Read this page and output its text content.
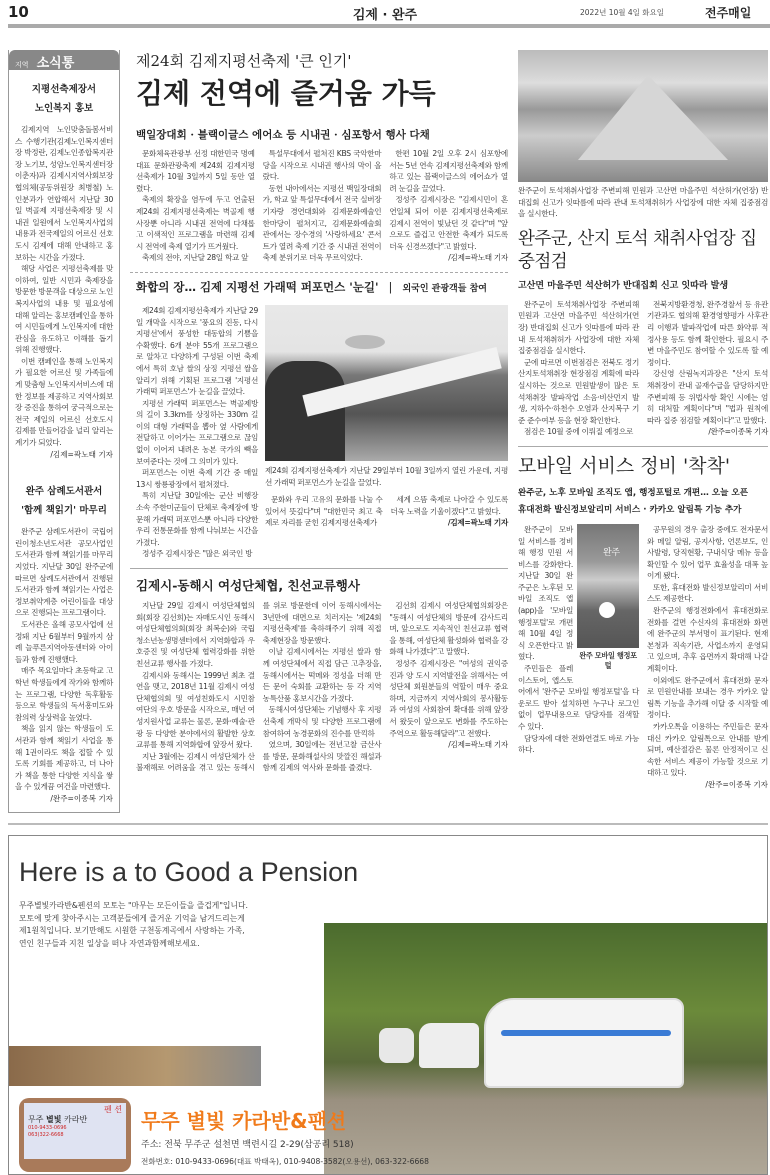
10	김제 · 완주	2022년 10월 4일 화요일	전주매일
지역 소식통
지평선축제장서
노인복지 홍보

김제지역 노인맞춤돌봄서비스 수행기관(김제노인복지센터장 박정란, 김제노인종합복지관장 노기보, 성암노인복지센터장 이춘자)과 김제시지역사회보장협의체(공동위원장 최병철) 노인분과가 연합해서 지난달 30일 벽골제 지평선축제장 및 시내권 일원에서 노인복지사업의 내용과 전국제일의 어르신 선호도시 김제에 대해 안내하고 홍보하는 시간을 가졌다.

해당 사업은 지평선축제를 맞이하여, 일반 시민과 축제장을 방문한 방문객을 대상으로 노인복지사업의 내용 및 필요성에 대해 알리는 홍보캠페인을 통하여 시민들에게 노인복지에 대한 관심을 유도하고 이해를 돕기 위해 진행했다.

이번 캠페인을 통해 노인복지가 필요한 어르신 및 가족들에게 맞춤형 노인복지서비스에 대한 정보를 제공하고 지역사회보장 증진을 통하여 궁극적으로는 전국 제일의 어르신 선호도시 김제를 만들어감을 널리 알리는 계기가 되었다.

/김제=곽노태 기자
완주 삼례도서관서
'함께 책읽기' 마무리

완주군 삼례도서관이 국립어린이청소년도서관 공모사업인 도서관과 함께 책읽기를 마무리 지었다. 지난달 30일 완주군에 따르면 삼례도서관에서 진행된 도서관과 함께 책읽기는 사업은 정보취약계층 어린이들을 대상으로 진행되는 프로그램이다.

도서관은 올해 공모사업에 선정돼 지난 6월부터 9월까지 삼례 늘푸른지역아동센터와 아이들과 함께 진행했다.

매주 목요일마다 초등학교 고학년 학생들에게 작가와 함께하는 프로그램, 다양한 독후활동 등으로 학생들의 독서흥미도와 참의력 상상력을 높였다.

책을 읽지 않는 학생들이 도서관과 함께 책읽기 사업을 통해 1권이라도 책을 접할 수 있도록 기회를 제공하고, 더 나아가 책을 통한 다양한 지식을 쌓을 수 있게끔 여건을 마련했다.

/완주=이종복 기자
제24회 김제지평선축제 '큰 인기'
김제 전역에 즐거움 가득
백일장대회 · 블랙이글스 에어쇼 등 시내권 · 심포항서 행사 다채

문화체육관광부 선정 대한민국 명예 대표 문화관광축제 제24회 김제지평선축제가 10월 3일까지 5일 동안 열렸다.

축제의 확장을 염두에 두고 연출된 제24회 김제지평선축제는 벽골제 행사장뿐 아니라 시내권 전역에 다채롭고 이색적인 프로그램을 마련해 김제시 전역에 축제 열기가 뜨거웠다.

축제의 전야, 지난달 28일 학교 앞

특설무대에서 펼쳐진 KBS 국악한마당을 시작으로 시내권 행사의 막이 올랐다.

동헌 내아에서는 지평선 백일장대회가, 학교 앞 특설무대에서 전국 실버장기자랑 경연대회와 김제문화예술인 한마당이 펼쳐지고, 김제문화예술회관에서는 장수경의 '사랑하세요' 콘서트가 열려 축제 기간 중 시내권 전역이 축제 분위기로 더욱 무르익었다.

한편 10월 2일 오후 2시 심포항에서는 5년 연속 김제지평선축제와 함께하고 있는 블랙이글스의 에어쇼가 열려 눈길을 끌었다.

정성주 김제시장은 "김제시민이 혼연일체 되어 이룬 김제지평선축제로 김제시 전역이 빛났던 것 같다"며 "앞으로도 즐겁고 안전한 축제가 되도록 더욱 신경쓰겠다"고 밝혔다.

/김제=곽노태 기자
화합의 장… 김제 지평선 가래떡 퍼포먼스 '눈길' | 외국인 관광객들 참여

제24회 김제지평선축제가 지난달 29일 개막을 시작으로 '풍요의 진동, 다시 지평선'에서 풍성한 대동합의 기쁨을 수확했다. 6개 분야 55개 프로그램으로 알차고 다양하게 구성된 이번 축제에서 특히 호남 쌀의 상징 지평선 쌀을 알리기 위해 기획된 프로그램 '지평선 가래떡 퍼포먼스'가 눈길을 끌었다.

지평선 가래떡 퍼포먼스는 벽골제방의 길이 3.3km를 상징하는 330m 길이의 대형 가래떡을 뽑아 옆 사람에게 전달하고 이어가는 프로그램으로 끊임없이 이어져 내려온 농본 국가의 빽을 보여준다는 것에 그 의미가 있다.

퍼포먼스는 이번 축제 기간 중 매일 13시 쌍룡광장에서 펼쳐졌다.

특히 지난달 30일에는 군산 비행장 소속 주한미군들이 단체로 축제장에 방문해 가래떡 퍼포먼스뿐 아니라 다양한 우리 전통문화를 함께 나눠보는 시간을 가졌다.

정성주 김제시장은 "많은 외국인 방

제24회 김제지평선축제가 지난달 29일부터 10월 3일까지 열린 가운데, 지평선 가래떡 퍼포먼스가 눈길을 끌었다.

문화와 우리 고유의 문화를 나눌 수 있어서 뜻깊다"며 "대한민국 최고 축제로 자리를 굳힌 김제지평선축제가

세계 으뜸 축제로 나아갈 수 있도록 더욱 노력을 기울이겠다"고 밝혔다.

/김제=곽노태 기자
김제시-동해시 여성단체협, 친선교류행사

지난달 29일 김제시 여성단체협의회(회장 김선희)는 자매도시인 동해시 여성단체협의회(회장 최복순)와 국립청소년농생명센터에서 지역화합과 우호증진 및 여성단체 협력강화를 위한 친선교류 행사를 가졌다.

김제시와 동해시는 1999년 최초 결연을 맺고, 2018년 11월 김제시 여성단체협의회 및 여성친화도시 시민참여단의 우호 방문을 시작으로, 매년 여성지원사업 교류는 물론, 문화·예술·관광 등 다양한 분야에서의 활발한 상호교류를 통해 지역화합에 앞장서 왔다.

지난 3월에는 김제시 여성단체가 산불재해로 어려움을 겪고 있는 동해시를 위로 방문한데 이어 동해시에서는 3년만에 대면으로 치러지는 '제24회 지평선축제'를 축하해주기 위해 직접 축제현장을 방문했다.

이날 김제시에서는 지평선 쌀과 함께 여성단체에서 직접 담근 고추장을, 동해시에서는 떡메와 정성을 더해 만든 문어 숙회를 교환하는 등 각 지역 농특산품 홍보시간을 가졌다.

동해시여성단체는 기념행사 후 지평선축제 개막식 및 다양한 프로그램에 참여하여 농경문화의 진수를 만끽하

였으며, 30일에는 전년고찰 금산사를 방문, 문화해설사의 맛깔진 해설과 함께 김제의 역사와 문화를 즐겼다.

김선희 김제시 여성단체협의회장은 "동해시 여성단체의 방문에 감사드리며, 앞으로도 지속적인 친선교류 협력을 통해, 여성단체 활성화와 협력을 강화해 나가겠다"고 말했다.

정성주 김제시장은 "여성의 권익증진과 양 도시 지역발전을 위해서는 여성단체 회원분들의 역할이 매우 중요하며, 지금까지 지역사회의 봉사활동과 여성의 사회참여 확대를 위해 앞장서 왔듯이 앞으로도 변화를 주도하는 주역으로 활동해달라"고 전했다.

/김제=곽노태 기자
완주군이 토석채취사업장 주변피해 민원과 고산면 마을주민 석산허가(연장) 반대집회 신고가 잇따름에 따라 관내 토석채취허가 사업장에 대한 자체 집중점검을 실시한다.
완주군, 산지 토석 채취사업장 집중점검
고산면 마을주민 석산허가 반대집회 신고 잇따라 발생

완주군이 토석채취사업장 주변피해 민원과 고산면 마을주민 석산허가(연장) 반대집회 신고가 잇따름에 따라 관내 토석채취허가 사업장에 대한 자체 집중점검을 실시한다.

군에 따르면 이번점검은 전북도 정기 산지토석채취장 현장점검 계획에 따라 실시하는 것으로 민원발생이 많은 토석채취장 발파작업 소음·비산먼지 발생, 지하수·하천수 오염과 산지복구 기준 준수여부 등을 현장 확인한다.

점검은 10월 중에 이뤄질 예정으로

전북지방환경청, 완주경찰서 등 유관기관과도 협의해 환경영향평가 사후관리 이행과 발파작업에 따른 화약류 적정사용 등도 함께 확인한다. 필요시 주변 마을주민도 참여할 수 있도록 할 예정이다.

강신영 산림녹지과장은 "산지 토석채취장이 관내 골재수급을 담당하지만 주변피해 등 위법사항 확인 시에는 엄히 대처할 계획이다"며 "법과 원칙에 따라 집중 점검할 계획이다"고 말했다.

/완주=이종복 기자
모바일 서비스 정비 '착착'
완주군, 노후 모바일 조직도 앱, 행정포털로 개편… 오늘 오픈
휴대전화 발신정보알리미 서비스 · 카카오 알림톡 기능 추가
완주
완주 모바일 행정포털

완주군이 모바일 서비스를 정비해 행정 민원 서비스를 강화한다. 지난달 30일 완주군은 노후된 모바일 조직도 앱(app)을 '모바일 행정포털'로 개편해 10월 4일 정식 오픈한다고 밝혔다.

주민들은 플레이스토어, 앱스토어에서 '완주군 모바일 행정포털'을 다운로드 받아 설치하면 누구나 로그인 없이 업무내용으로 담당자를 검색할 수 있다.

담당자에 대한 전화연결도 바로 가능하다.

공무원의 경우 출장 중에도 전자문서와 메일 알림, 공지사항, 언론보도, 인사발령, 당직현황, 구내식당 메뉴 등을 확인할 수 있어 업무 효율성을 대폭 높이게 됐다.

또한, 휴대전화 발신정보알리미 서비스도 제공한다.

완주군의 행정전화에서 휴대전화로 전화를 걸면 수신자의 휴대전화 화면에 완주군의 부서명이 표기된다. 현재 본청과 직속기관, 사업소까지 운영되고 있으며, 추후 읍면까지 확대해 나갈 계획이다.

이외에도 완주군에서 휴대전화 문자로 민원안내를 보내는 경우 카카오 알림톡 기능을 추가해 이달 중 시작할 예정이다.

카카오톡을 이용하는 주민들은 문자 대신 카카오 알림톡으로 안내를 받게 되며, 예산절감은 물론 안정적이고 신속한 서비스 제공이 가능할 것으로 기대하고 있다.

/완주=이종복 기자
Here is a to Good a Pension
무주별빛카라반&펜션의 모토는 "마무는 모든이들을 즐겁게"입니다.
모토에 맞게 찾아주시는 고객분들에게 즐거운 기억을 남겨드리는게
제1원칙입니다. 보기만해도 시원한 구천동계곡에서 사랑하는 가족,
연인 친구들과 지친 일상을 떠나 자연과함께해보세요.
펜 션
무주 별빛 카라반
010-9433-0696
063)322-6668
무주 별빛 카라반&팬션
주소: 전북 무주군 설천면 백련시길 2-29(삼공리 518)
전화번호: 010-9433-0696(대표 박태옥), 010-9408-3582(오용선), 063-322-6668
